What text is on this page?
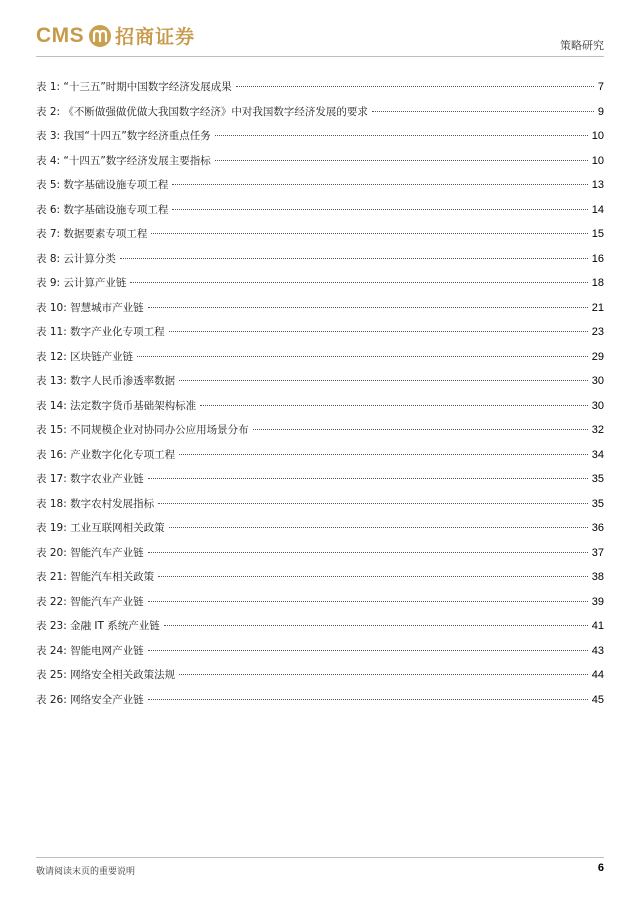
CMS 招商证券	策略研究
表 1: “十三五”时期中国数字经济发展成果	7
表 2: 《不断做强做优做大我国数字经济》中对我国数字经济发展的要求	9
表 3: 我国“十四五”数字经济重点任务	10
表 4: “十四五”数字经济发展主要指标	10
表 5: 数字基础设施专项工程	13
表 6: 数字基础设施专项工程	14
表 7: 数据要素专项工程	15
表 8: 云计算分类	16
表 9: 云计算产业链	18
表 10: 智慧城市产业链	21
表 11: 数字产业化专项工程	23
表 12: 区块链产业链	29
表 13: 数字人民币渗透率数据	30
表 14: 法定数字货币基础架构标准	30
表 15: 不同规模企业对协同办公应用场景分布	32
表 16: 产业数字化化专项工程	34
表 17: 数字农业产业链	35
表 18: 数字农村发展指标	35
表 19: 工业互联网相关政策	36
表 20: 智能汽车产业链	37
表 21: 智能汽车相关政策	38
表 22: 智能汽车产业链	39
表 23: 金融 IT 系统产业链	41
表 24: 智能电网产业链	43
表 25: 网络安全相关政策法规	44
表 26: 网络安全产业链	45
敬请阅读末页的重要说明	6
